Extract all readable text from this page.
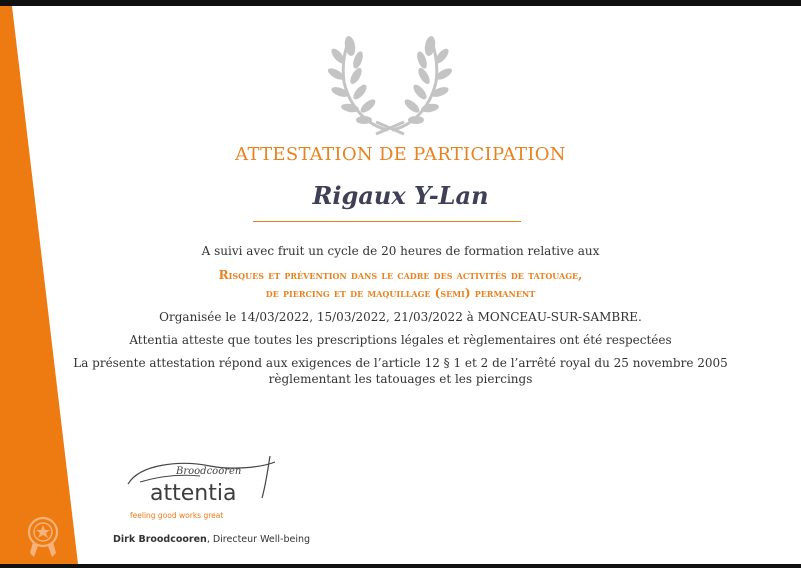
ATTESTATION DE PARTICIPATION
Rigaux Y-Lan
A suivi avec fruit un cycle de 20 heures de formation relative aux
Risques et prévention dans le cadre des activités de tatouage,
de piercing et de maquillage (semi) permanent
Organisée le 14/03/2022, 15/03/2022, 21/03/2022 à MONCEAU-SUR-SAMBRE.
Attentia atteste que toutes les prescriptions légales et règlementaires ont été respectées
La présente attestation répond aux exigences de l’article 12 § 1 et 2 de l’arrêté royal du 25 novembre 2005
règlementant les tatouages et les piercings
Broodcooren
attentia
feeling good works great
Dirk Broodcooren, Directeur Well-being
